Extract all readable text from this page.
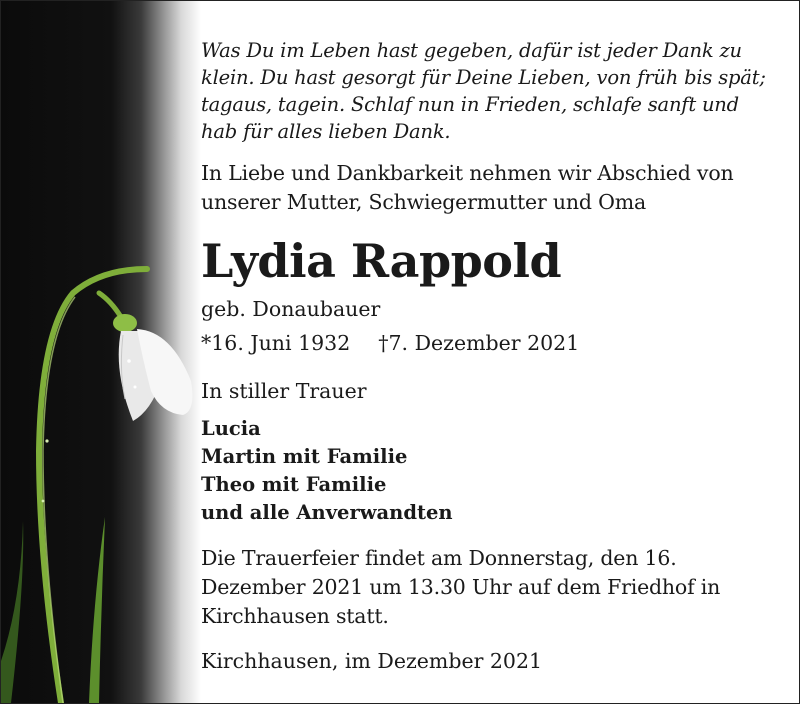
Was Du im Leben hast gegeben, dafür ist jeder Dank zu klein. Du hast gesorgt für Deine Lieben, von früh bis spät; tagaus, tagein. Schlaf nun in Frieden, schlafe sanft und hab für alles lieben Dank.
In Liebe und Dankbarkeit nehmen wir Abschied von unserer Mutter, Schwiegermutter und Oma
Lydia Rappold
geb. Donaubauer
*16. Juni 1932 †7. Dezember 2021
In stiller Trauer
Lucia
Martin mit Familie
Theo mit Familie
und alle Anverwandten
Die Trauerfeier findet am Donnerstag, den 16. Dezember 2021 um 13.30 Uhr auf dem Friedhof in Kirchhausen statt.
Kirchhausen, im Dezember 2021
